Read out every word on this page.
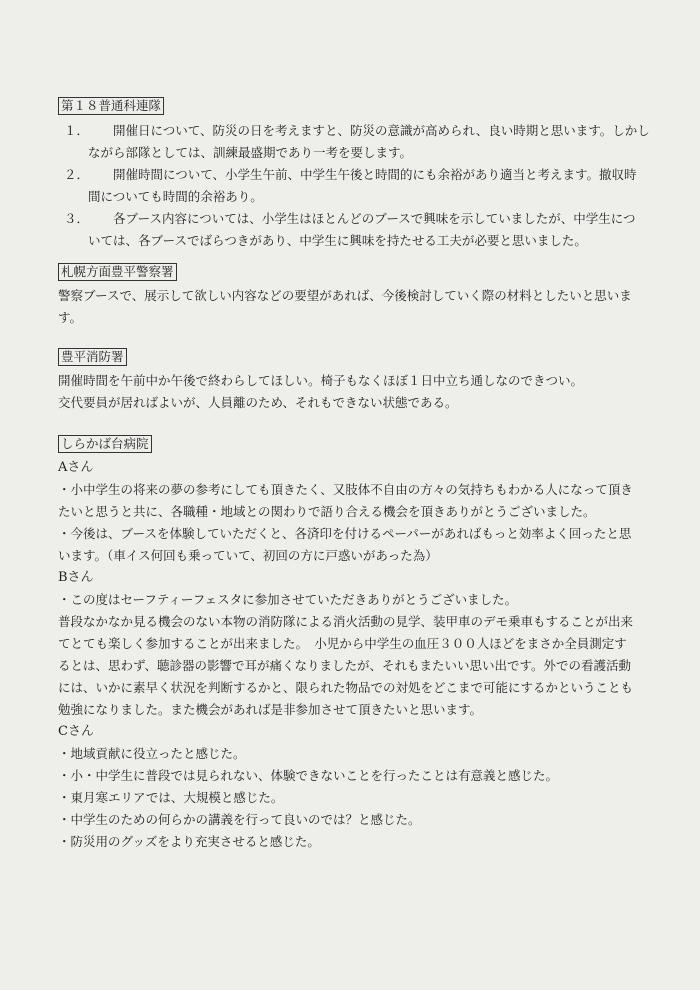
第１８普通科連隊
１．
　　開催日について、防災の日を考えますと、防災の意識が高められ、良い時期と思います。しかし
ながら部隊としては、訓練最盛期であり一考を要します。
２．
　　開催時間について、小学生午前、中学生午後と時間的にも余裕があり適当と考えます。撤収時
間についても時間的余裕あり。
３．
　　各ブース内容については、小学生はほとんどのブースで興味を示していましたが、中学生につ
いては、各ブースでばらつきがあり、中学生に興味を持たせる工夫が必要と思いました。
札幌方面豊平警察署
警察ブースで、展示して欲しい内容などの要望があれば、今後検討していく際の材料としたいと思いま
す。
豊平消防署
開催時間を午前中か午後で終わらしてほしい。椅子もなくほぼ１日中立ち通しなのできつい。
交代要員が居ればよいが、人員離のため、それもできない状態である。
しらかば台病院
Aさん
・小中学生の将来の夢の参考にしても頂きたく、又肢体不自由の方々の気持ちもわかる人になって頂き
たいと思うと共に、各職種・地域との関わりで語り合える機会を頂きありがとうございました。
・今後は、ブースを体験していただくと、各済印を付けるペーパーがあればもっと効率よく回ったと思
います。（車イス何回も乗っていて、初回の方に戸惑いがあった為）
Bさん
・この度はセーフティーフェスタに参加させていただきありがとうございました。
普段なかなか見る機会のない本物の消防隊による消火活動の見学、装甲車のデモ乗車もすることが出来
てとても楽しく参加することが出来ました。　小児から中学生の血圧３００人ほどをまさか全員測定す
るとは、思わず、聴診器の影響で耳が痛くなりましたが、それもまたいい思い出です。外での看護活動
には、いかに素早く状況を判断するかと、限られた物品での対処をどこまで可能にするかということも
勉強になりました。また機会があれば是非参加させて頂きたいと思います。
Cさん
・地域貢献に役立ったと感じた。
・小・中学生に普段では見られない、体験できないことを行ったことは有意義と感じた。
・東月寒エリアでは、大規模と感じた。
・中学生のための何らかの講義を行って良いのでは？と感じた。
・防災用のグッズをより充実させると感じた。
